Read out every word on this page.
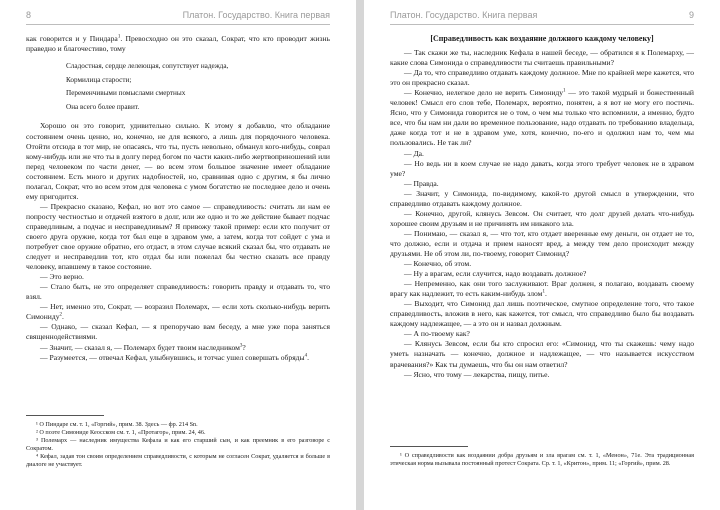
8	Платон. Государство. Книга первая

как говорится и у Пиндара$^1$. Превосходно он это сказал, Сократ, что кто проводит жизнь праведно и благочестиво, тому

Сладостная, сердце лелеющая, сопутствует надежда,
Кормилица старости;
Переменчивыми помыслами смертных
Она всего более правит.

Хорошо он это говорит, удивительно сильно. К этому я добавлю, что обладание состоянием очень ценно, но, конечно, не для всякого, а лишь для порядочного человека. Отойти отсюда в тот мир, не опасаясь, что ты, пусть невольно, обманул кого-нибудь, соврал кому-нибудь или же что ты в долгу перед богом по части каких-либо жертвоприношений или перед человеком по части денег, — во всем этом большое значение имеет обладание состоянием. Есть много и других надобностей, но, сравнивая одно с другим, я бы лично полагал, Сократ, что во всем этом для человека с умом богатство не последнее дело и очень ему пригодится.

— Прекрасно сказано, Кефал, но вот это самое — справедливость: считать ли нам ее попросту честностью и отдачей взятого в долг, или же одно и то же действие бывает подчас справедливым, а подчас и несправедливым? Я привожу такой пример: если кто получит от своего друга оружие, когда тот был еще в здравом уме, а затем, когда тот сойдет с ума и потребует свое оружие обратно, его отдаст, в этом случае всякий сказал бы, что отдавать не следует и несправедлив тот, кто отдал бы или пожелал бы честно сказать все правду человеку, впавшему в такое состояние.

— Это верно.

— Стало быть, не это определяет справедливость: говорить правду и отдавать то, что взял.

— Нет, именно это, Сократ, — возразил Полемарх, — если хоть сколько-нибудь верить Симониду$^2$.

— Однако, — сказал Кефал, — я препоручаю вам беседу, а мне уже пора заняться священнодействиями.

— Значит, — сказал я, — Полемарх будет твоим наследником$^3$?

— Разумеется, — отвечал Кефал, улыбнувшись, и тотчас ушел совершать обряды$^4$.

¹ О Пиндаре см. т. 1, «Горгий», прим. 38. Здесь — фр. 214 Sn.

² О поэте Симониде Кеосском см. т. 1, «Протагор», прим. 24, 46.

³ Полемарх — наследник имущества Кефала и как его старший сын, и как преемник в его разговоре с Сократом.

⁴ Кефал, задав тон своим определением справедливости, с которым не согласен Сократ, удаляется и больше в диалоге не участвует.

Платон. Государство. Книга первая	9
[Справедливость как воздаяние должного каждому человеку]

— Так скажи же ты, наследник Кефала в нашей беседе, — обратился я к Полемарху, — какие слова Симонида о справедливости ты считаешь правильными?

— Да то, что справедливо отдавать каждому должное. Мне по крайней мере кажется, что это он прекрасно сказал.

— Конечно, нелегкое дело не верить Симониду$^1$ — это такой мудрый и божественный человек! Смысл его слов тебе, Полемарх, вероятно, понятен, а я вот не могу его постичь. Ясно, что у Симонида говорится не о том, о чем мы только что вспомнили, а именно, будто все, что бы нам ни дали во временное пользование, надо отдавать по требованию владельца, даже когда тот и не в здравом уме, хотя, конечно, по-его и одолжил нам то, чем мы пользовались. Не так ли?

— Да.

— Но ведь ни в коем случае не надо давать, когда этого требует человек не в здравом уме?

— Правда.

— Значит, у Симонида, по-видимому, какой-то другой смысл в утверждении, что справедливо отдавать каждому должное.

— Конечно, другой, клянусь Зевсом. Он считает, что долг друзей делать что-нибудь хорошее своим друзьям и не причинять им никакого зла.

— Понимаю, — сказал я, — что тот, кто отдает вверенные ему деньги, он отдает не то, что должно, если и отдача и прием наносят вред, а между тем дело происходит между друзьями. Не об этом ли, по-твоему, говорит Симонид?

— Конечно, об этом.

— Ну а врагам, если случится, надо воздавать должное?

— Непременно, как они того заслуживают. Враг должен, я полагаю, воздавать своему врагу как надлежит, то есть каким-нибудь злом$^1$.

— Выходит, что Симонид дал лишь поэтическое, смутное определение того, что такое справедливость, вложив в него, как кажется, тот смысл, что справедливо было бы воздавать каждому надлежащее, — а это он и назвал должным.

— А по-твоему как?

— Клянусь Зевсом, если бы кто спросил его: «Симонид, что ты скажешь: чему надо уметь назначать — конечно, должное и надлежащее, — что называется искусством врачевания?» Как ты думаешь, что бы он нам ответил?

— Ясно, что тому — лекарства, пищу, питье.

¹ О справедливости как воздаянии добра друзьям и зла врагам см. т. 1, «Менон», 71е. Эта традиционная этическая норма вызывала постоянный протест Сократа. Ср. т. 1, «Критон», прим. 11; «Горгий», прим. 28.
